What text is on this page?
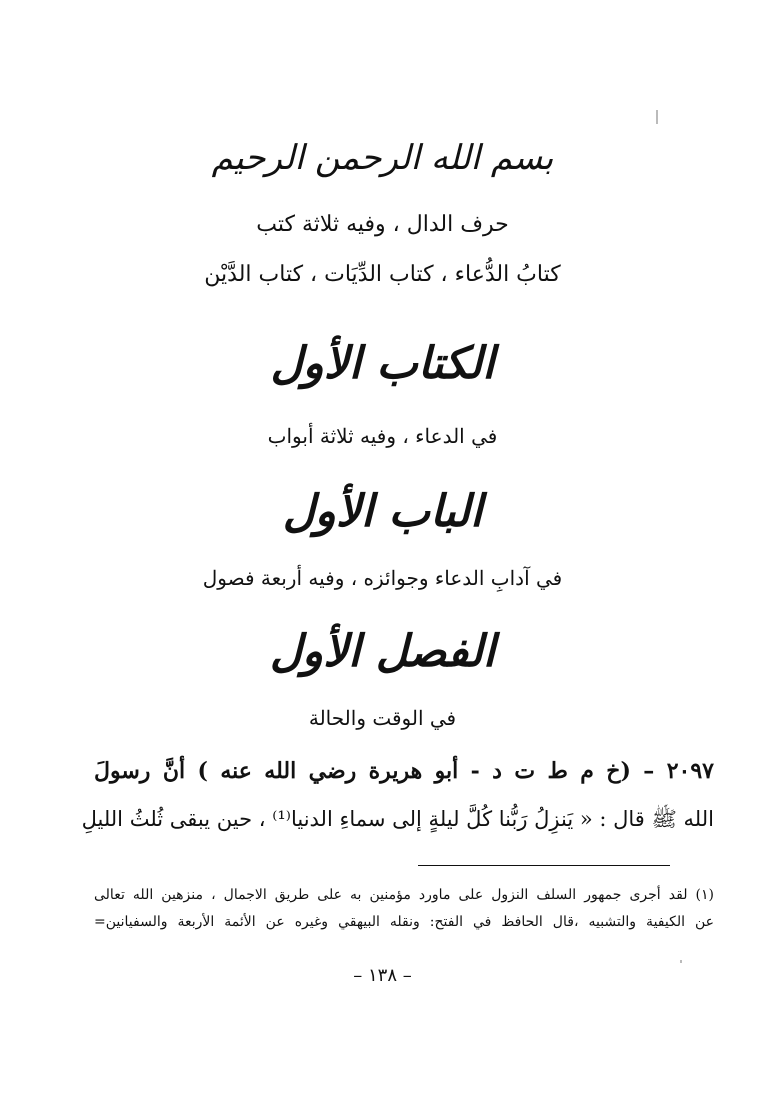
بسم الله الرحمن الرحيم
حرف الدال ، وفيه ثلاثة كتب
كتابُ الدُّعاء ، كتاب الدِّيَات ، كتاب الدَّيْن
الكتاب الأول
في الدعاء ، وفيه ثلاثة أبواب
الباب الأول
في آدابِ الدعاء وجوائزه ، وفيه أربعة فصول
الفصل الأول
في الوقت والحالة
٢٠٩٧ – (خ م ط ت د - أبو هريرة رضي الله عنه ) أنَّ رسولَ
الله ﷺ قال : « يَنزِلُ رَبُّنا كُلَّ ليلةٍ إلى سماءِ الدنيا⁽¹⁾ ، حين يبقى ثُلثُ الليلِ
(١) لقد أجرى جمهور السلف النزول على ماورد مؤمنين به على طريق الاجمال ، منزهين الله تعالى
عن الكيفية والتشبيه ،قال الحافظ في الفتح: ونقله البيهقي وغيره عن الأئمة الأربعة والسفيانين=
– ١٣٨ –
